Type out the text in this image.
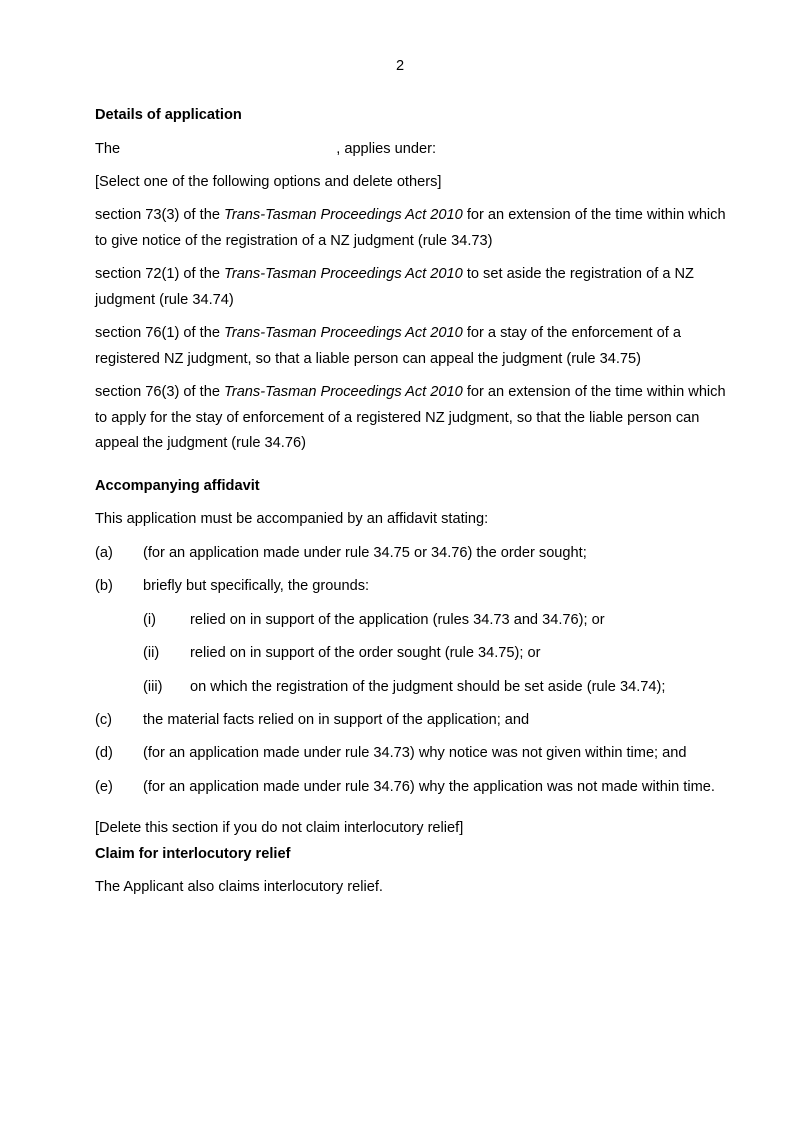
2
Details of application
The	, applies under:
[Select one of the following options and delete others]
section 73(3) of the Trans-Tasman Proceedings Act 2010 for an extension of the time within which to give notice of the registration of a NZ judgment (rule 34.73)
section 72(1) of the Trans-Tasman Proceedings Act 2010 to set aside the registration of a NZ judgment (rule 34.74)
section 76(1) of the Trans-Tasman Proceedings Act 2010 for a stay of the enforcement of a registered NZ judgment, so that a liable person can appeal the judgment (rule 34.75)
section 76(3) of the Trans-Tasman Proceedings Act 2010 for an extension of the time within which to apply for the stay of enforcement of a registered NZ judgment, so that the liable person can appeal the judgment (rule 34.76)
Accompanying affidavit
This application must be accompanied by an affidavit stating:
(a) (for an application made under rule 34.75 or 34.76) the order sought;
(b) briefly but specifically, the grounds:
(i) relied on in support of the application (rules 34.73 and 34.76); or
(ii) relied on in support of the order sought (rule 34.75); or
(iii) on which the registration of the judgment should be set aside (rule 34.74);
(c) the material facts relied on in support of the application; and
(d) (for an application made under rule 34.73) why notice was not given within time; and
(e) (for an application made under rule 34.76) why the application was not made within time.
[Delete this section if you do not claim interlocutory relief]
Claim for interlocutory relief
The Applicant also claims interlocutory relief.
